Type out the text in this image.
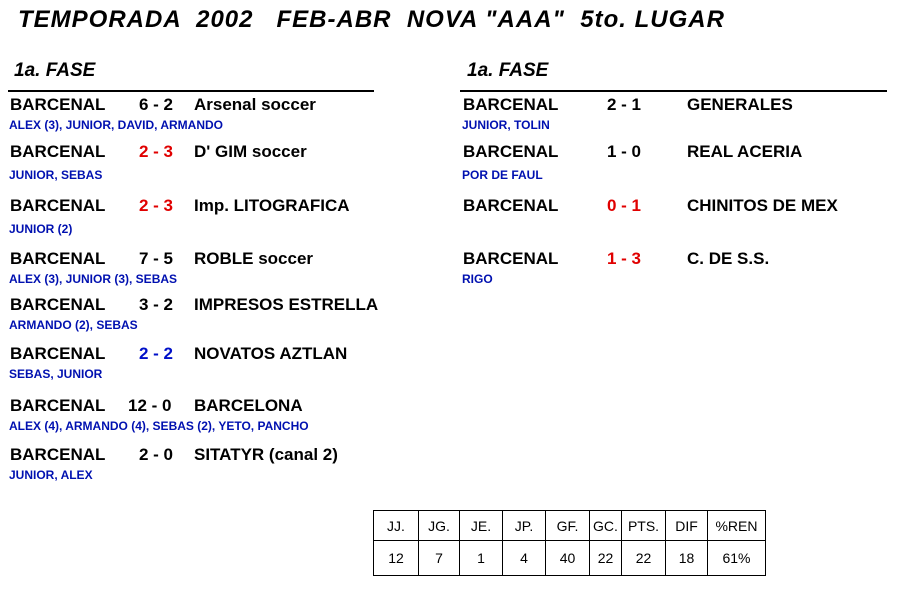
TEMPORADA  2002   FEB-ABR  NOVA "AAA"  5to. LUGAR
1a. FASE
BARCENAL 6 - 2 Arsenal soccer
ALEX (3), JUNIOR, DAVID, ARMANDO
BARCENAL 2 - 3 D' GIM soccer
JUNIOR, SEBAS
BARCENAL 2 - 3 Imp. LITOGRAFICA
JUNIOR (2)
BARCENAL 7 - 5 ROBLE soccer
ALEX (3), JUNIOR (3), SEBAS
BARCENAL 3 - 2 IMPRESOS ESTRELLA
ARMANDO (2), SEBAS
BARCENAL 2 - 2 NOVATOS AZTLAN
SEBAS, JUNIOR
BARCENAL 12 - 0 BARCELONA
ALEX (4), ARMANDO (4), SEBAS (2), YETO, PANCHO
BARCENAL 2 - 0 SITATYR (canal 2)
JUNIOR, ALEX
1a. FASE
BARCENAL	2 - 1	GENERALES
JUNIOR, TOLIN
BARCENAL	1 - 0	REAL ACERIA
POR DE FAUL
BARCENAL	0 - 1	CHINITOS DE MEX
BARCENAL	1 - 3	C. DE S.S.
RIGO
JJ.	JG.	JE.	JP.	GF.	GC.	PTS.	DIF	%REN
12	7	1	4	40	22	22	18	61%
